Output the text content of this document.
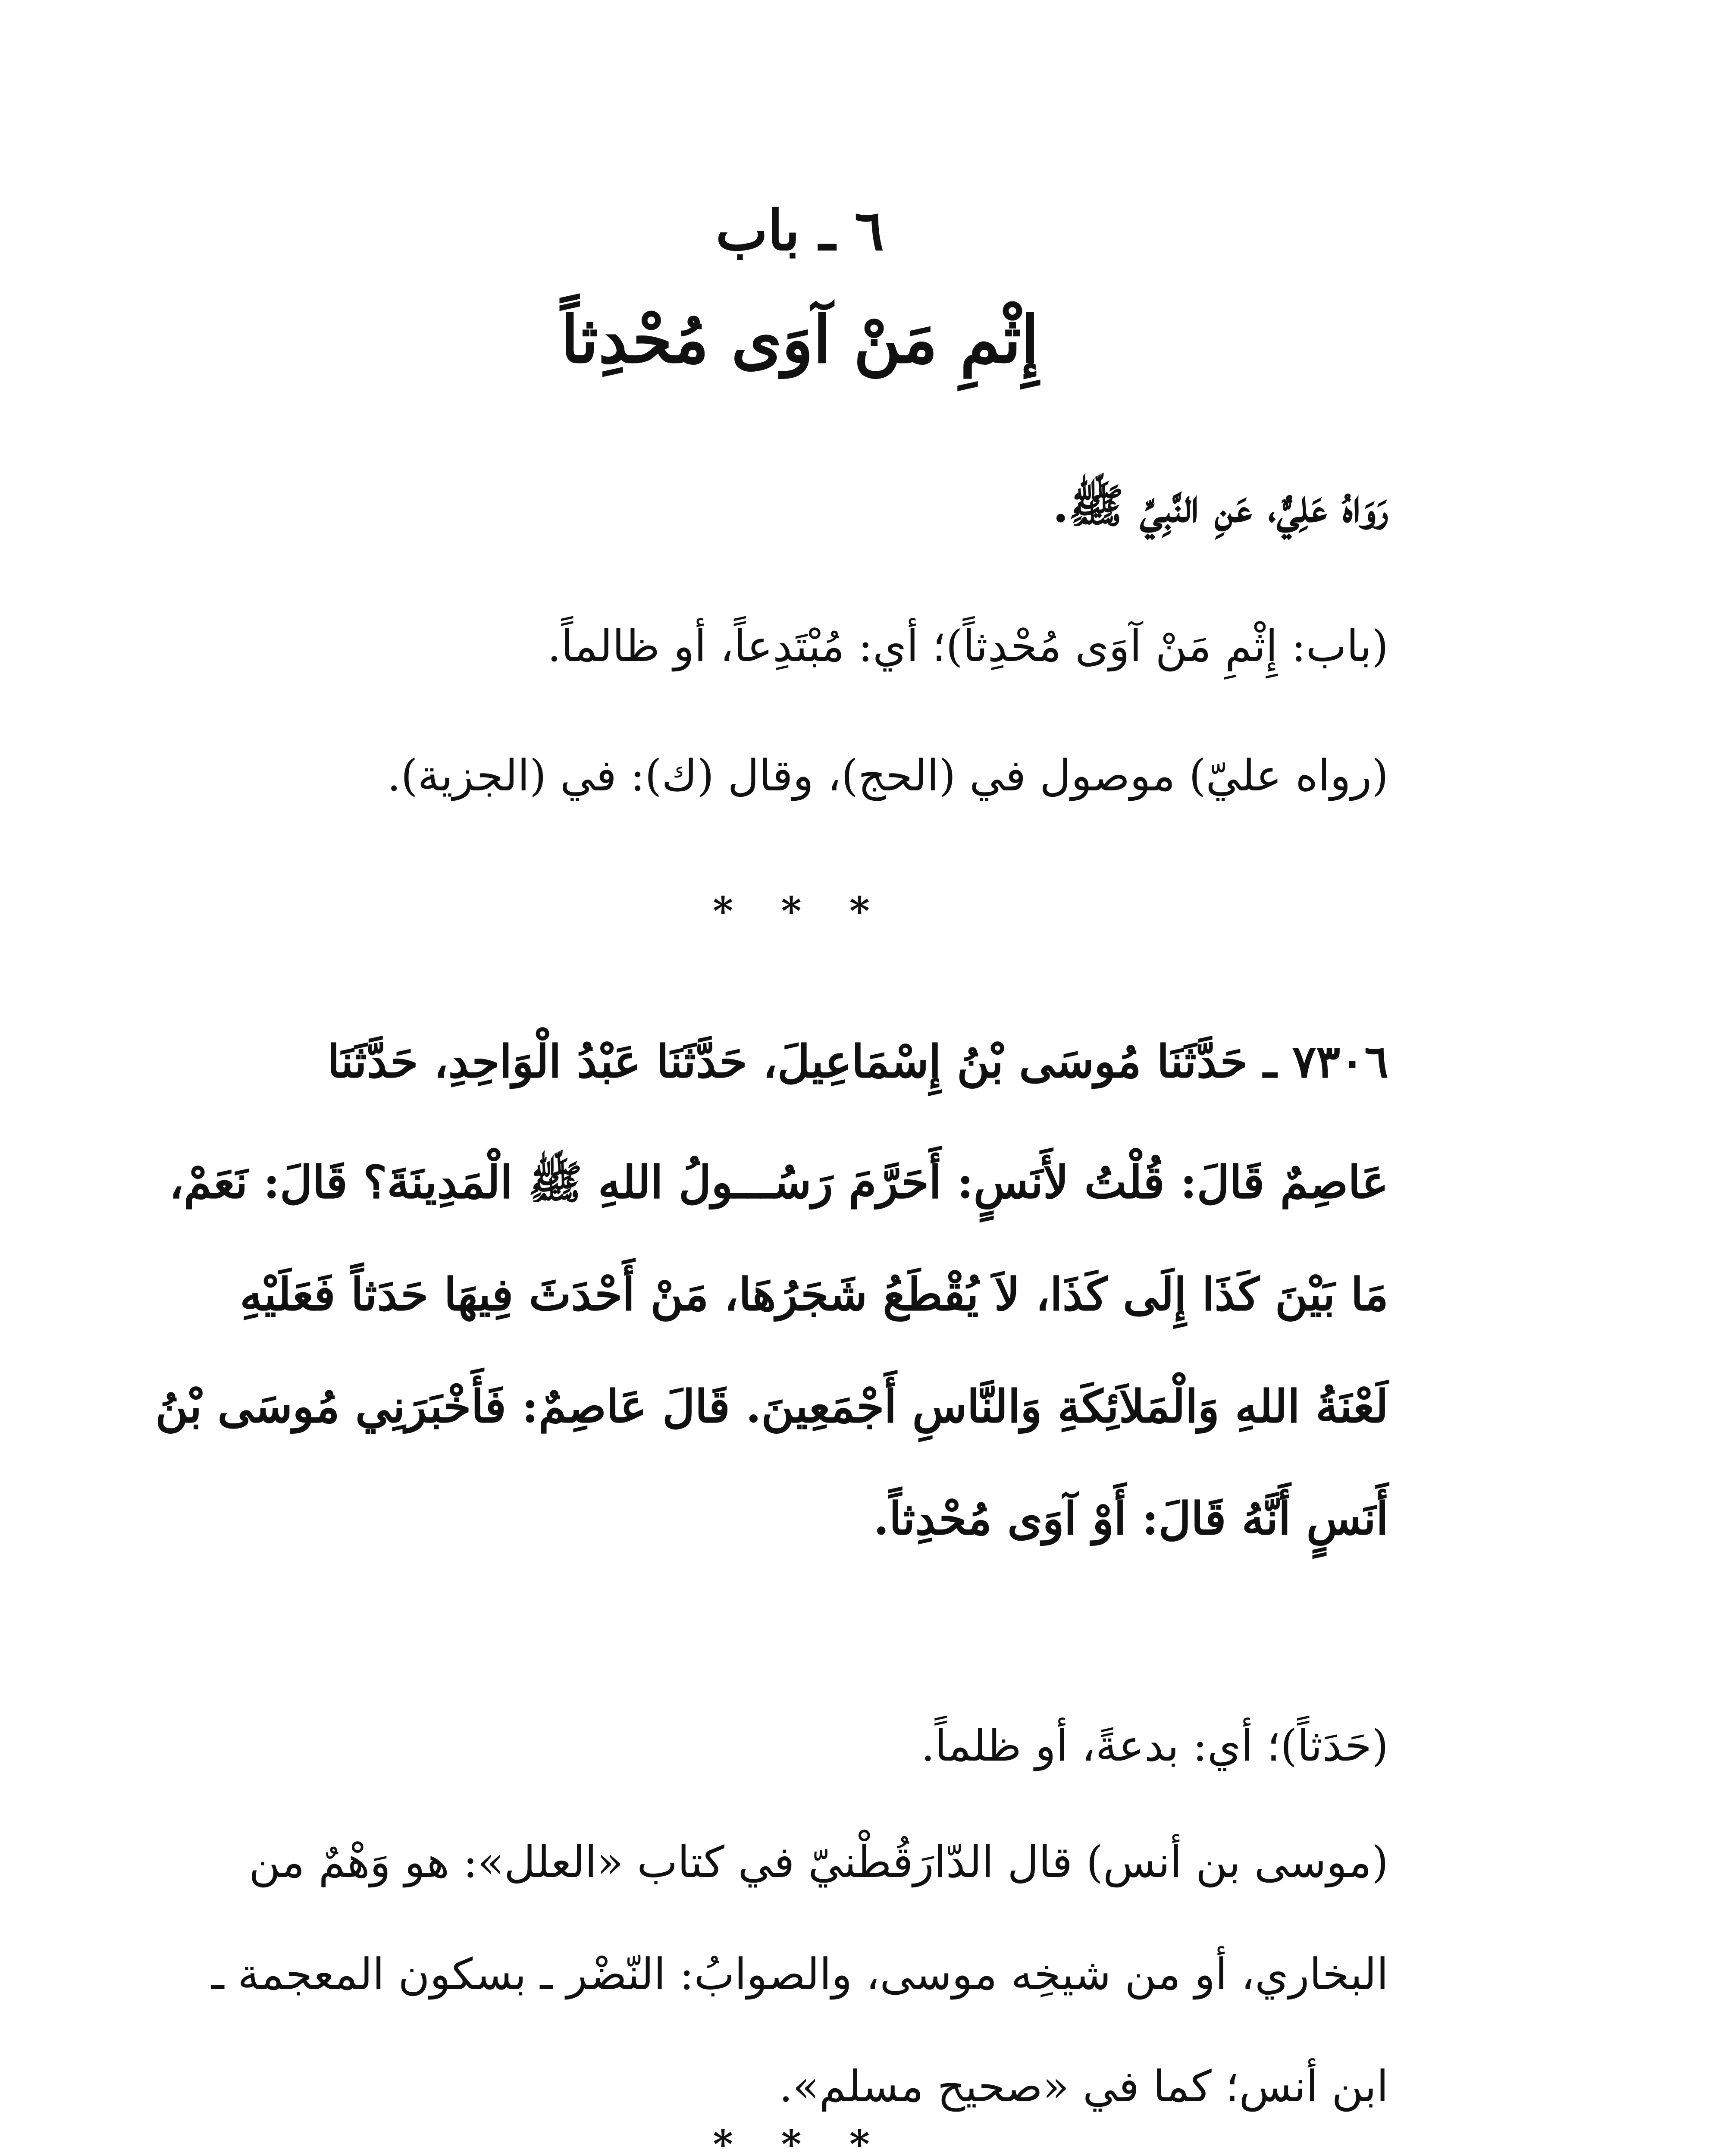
٦ ـ باب
إِثْمِ مَنْ آوَى مُحْدِثاً
رَوَاهُ عَلِيٌّ، عَنِ النَّبِيِّ ﷺ.
(باب: إِثْمِ مَنْ آوَى مُحْدِثاً)؛ أي: مُبْتَدِعاً، أو ظالماً.
(رواه عليّ) موصول في (الحج)، وقال (ك): في (الجزية).
* * *
٧٣٠٦ ـ حَدَّثَنَا مُوسَى بْنُ إِسْمَاعِيلَ، حَدَّثَنَا عَبْدُ الْوَاحِدِ، حَدَّثَنَا
عَاصِمٌ قَالَ: قُلْتُ لأَنَسٍ: أَحَرَّمَ رَسُـــولُ اللهِ ﷺ الْمَدِينَةَ؟ قَالَ: نَعَمْ،
مَا بَيْنَ كَذَا إِلَى كَذَا، لاَ يُقْطَعُ شَجَرُهَا، مَنْ أَحْدَثَ فِيهَا حَدَثاً فَعَلَيْهِ
لَعْنَةُ اللهِ وَالْمَلاَئِكَةِ وَالنَّاسِ أَجْمَعِينَ. قَالَ عَاصِمٌ: فَأَخْبَرَنِي مُوسَى بْنُ
أَنَسٍ أَنَّهُ قَالَ: أَوْ آوَى مُحْدِثاً.
(حَدَثاً)؛ أي: بدعةً، أو ظلماً.
(موسى بن أنس) قال الدّارَقُطْنيّ في كتاب «العلل»: هو وَهْمٌ من
البخاري، أو من شيخِه موسى، والصوابُ: النّضْر ـ بسكون المعجمة ـ
ابن أنس؛ كما في «صحيح مسلم».
* * *
